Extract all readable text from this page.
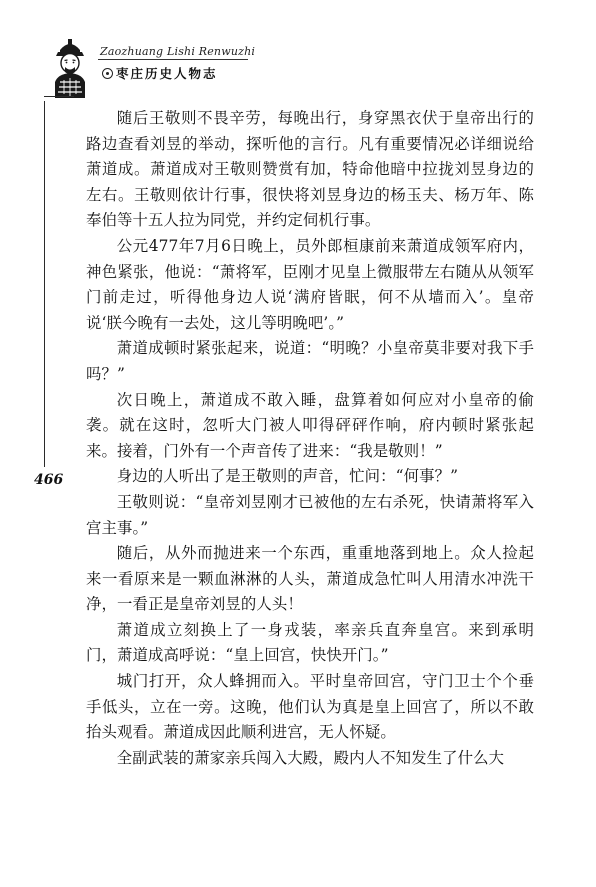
Zaozhuang Lishi Renwuzhi
枣庄历史人物志
466

随后王敬则不畏辛劳，每晚出行，身穿黑衣伏于皇帝出行的路边查看刘昱的举动，探听他的言行。凡有重要情况必详细说给萧道成。萧道成对王敬则赞赏有加，特命他暗中拉拢刘昱身边的左右。王敬则依计行事，很快将刘昱身边的杨玉夫、杨万年、陈奉伯等十五人拉为同党，并约定伺机行事。

公元477年7月6日晚上，员外郎桓康前来萧道成领军府内，神色紧张，他说：“萧将军，臣刚才见皇上微服带左右随从从领军门前走过，听得他身边人说‘满府皆眠，何不从墙而入’。皇帝说‘朕今晚有一去处，这儿等明晚吧’。”

萧道成顿时紧张起来，说道：“明晚？小皇帝莫非要对我下手吗？”

次日晚上，萧道成不敢入睡，盘算着如何应对小皇帝的偷袭。就在这时，忽听大门被人叩得砰砰作响，府内顿时紧张起来。接着，门外有一个声音传了进来：“我是敬则！”

身边的人听出了是王敬则的声音，忙问：“何事？”

王敬则说：“皇帝刘昱刚才已被他的左右杀死，快请萧将军入宫主事。”

随后，从外而抛进来一个东西，重重地落到地上。众人捡起来一看原来是一颗血淋淋的人头，萧道成急忙叫人用清水冲洗干净，一看正是皇帝刘昱的人头！

萧道成立刻换上了一身戎装，率亲兵直奔皇宫。来到承明门，萧道成高呼说：“皇上回宫，快快开门。”

城门打开，众人蜂拥而入。平时皇帝回宫，守门卫士个个垂手低头，立在一旁。这晚，他们认为真是皇上回宫了，所以不敢抬头观看。萧道成因此顺利进宫，无人怀疑。

全副武装的萧家亲兵闯入大殿，殿内人不知发生了什么大
